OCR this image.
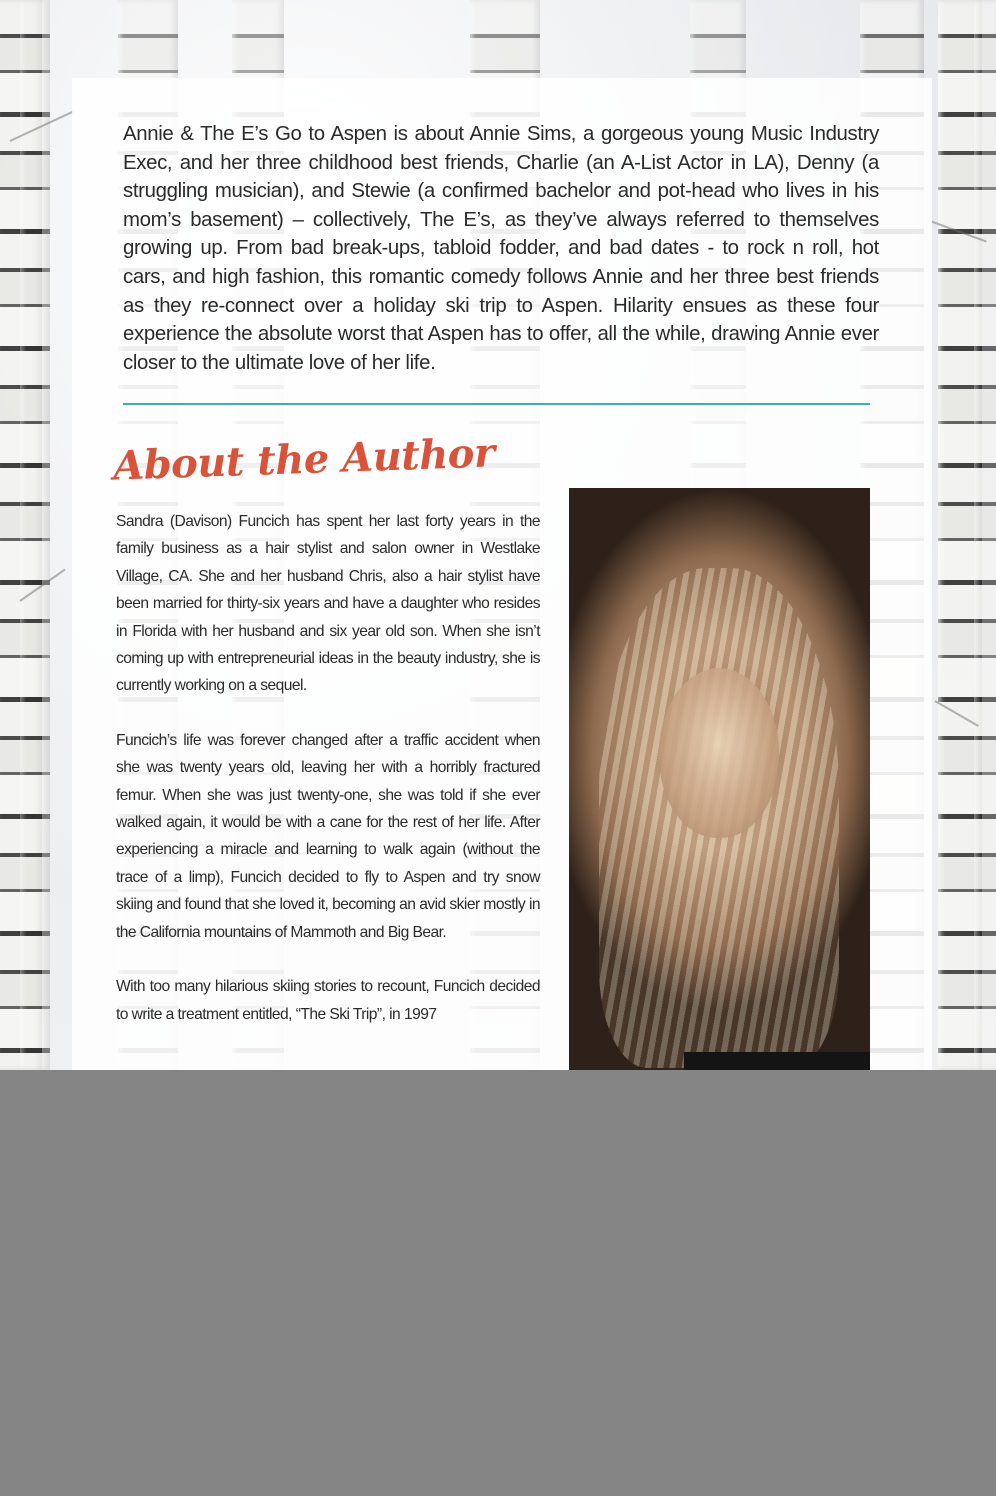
Annie & The E’s Go to Aspen is about Annie Sims, a gorgeous young Music Industry Exec, and her three childhood best friends, Charlie (an A-List Actor in LA), Denny (a struggling musician), and Stewie (a confirmed bachelor and pot-head who lives in his mom’s basement) – collectively, The E’s, as they’ve always referred to themselves growing up. From bad break-ups, tabloid fodder, and bad dates - to rock n roll, hot cars, and high fashion, this romantic comedy follows Annie and her three best friends as they re-connect over a holiday ski trip to Aspen. Hilarity ensues as these four experience the absolute worst that Aspen has to offer, all the while, drawing Annie ever closer to the ultimate love of her life.
About the Author

Sandra (Davison) Funcich has spent her last forty years in the family business as a hair stylist and salon owner in Westlake Village, CA. She and her husband Chris, also a hair stylist have been married for thirty-six years and have a daughter who resides in Florida with her husband and six year old son. When she isn’t coming up with entrepreneurial ideas in the beauty industry, she is currently working on a sequel.

Funcich’s life was forever changed after a traffic accident when she was twenty years old, leaving her with a horribly fractured femur. When she was just twenty-one, she was told if she ever walked again, it would be with a cane for the rest of her life. After experiencing a miracle and learning to walk again (without the trace of a limp), Funcich decided to fly to Aspen and try snow skiing and found that she loved it, becoming an avid skier mostly in the California mountains of Mammoth and Big Bear.

With too many hilarious skiing stories to recount, Funcich decided to write a treatment entitled, “The Ski Trip”, in 1997
